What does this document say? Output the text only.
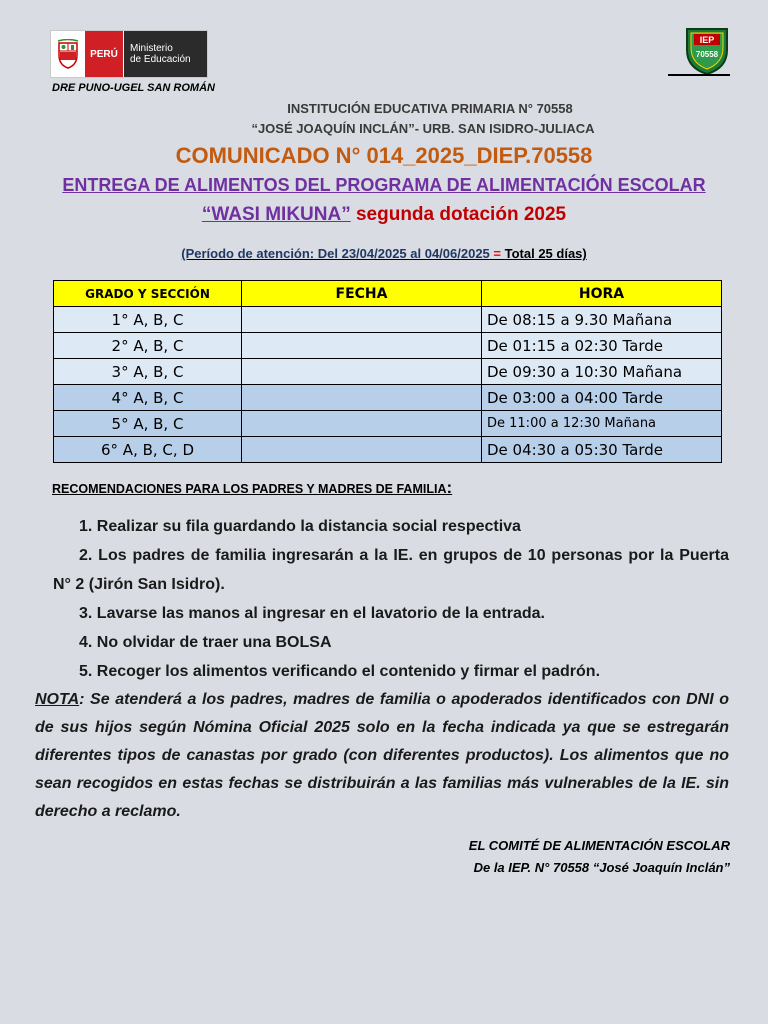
PERÚ	Ministerio
de Educación
DRE PUNO-UGEL SAN ROMÁN
IEP
70558
INSTITUCIÓN EDUCATIVA PRIMARIA N° 70558
“JOSÉ JOAQUÍN INCLÁN”- URB. SAN ISIDRO-JULIACA
COMUNICADO N° 014_2025_DIEP.70558
ENTREGA DE ALIMENTOS DEL PROGRAMA DE ALIMENTACIÓN ESCOLAR
“WASI MIKUNA” segunda dotación 2025
(Período de atención: Del 23/04/2025 al 04/06/2025 = Total 25 días)
GRADO Y SECCIÓN	FECHA	HORA
1° A, B, C		De 08:15 a 9.30 Mañana
2° A, B, C		De 01:15 a 02:30 Tarde
3° A, B, C		De 09:30 a 10:30 Mañana
4° A, B, C		De 03:00 a 04:00 Tarde
5° A, B, C		De 11:00 a 12:30 Mañana
6° A, B, C, D		De 04:30 a 05:30 Tarde
RECOMENDACIONES PARA LOS PADRES Y MADRES DE FAMILIA:

1. Realizar su fila guardando la distancia social respectiva

2. Los padres de familia ingresarán a la IE. en grupos de 10 personas por la Puerta N° 2 (Jirón San Isidro).

3. Lavarse las manos al ingresar en el lavatorio de la entrada.

4. No olvidar de traer una BOLSA

5. Recoger los alimentos verificando el contenido y firmar el padrón.

NOTA: Se atenderá a los padres, madres de familia o apoderados identificados con DNI o de sus hijos según Nómina Oficial 2025 solo en la fecha indicada ya que se estregarán diferentes tipos de canastas por grado (con diferentes productos). Los alimentos que no sean recogidos en estas fechas se distribuirán a las familias más vulnerables de la IE. sin derecho a reclamo.
EL COMITÉ DE ALIMENTACIÓN ESCOLAR
De la IEP. N° 70558 “José Joaquín Inclán”
